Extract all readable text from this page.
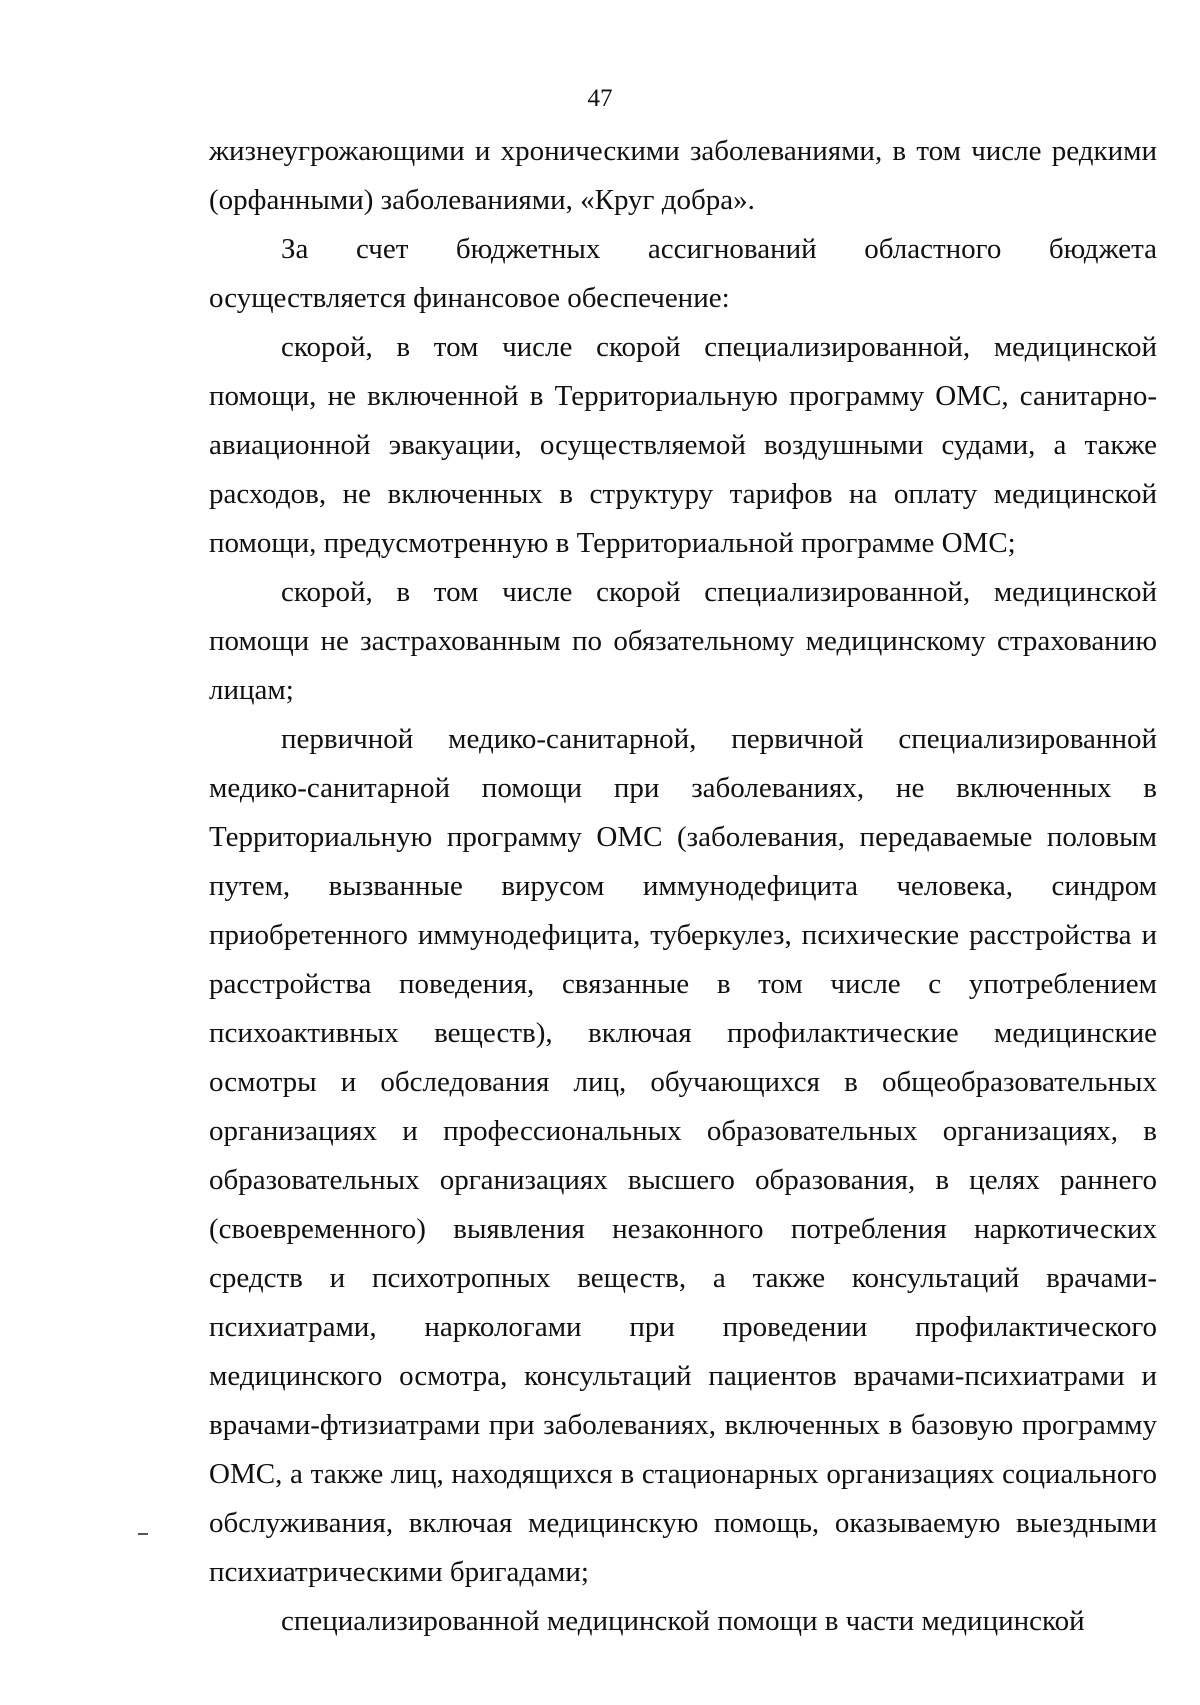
47

жизнеугрожающими и хроническими заболеваниями, в том числе редкими (орфанными) заболеваниями, «Круг добра».

За счет бюджетных ассигнований областного бюджета осуществляется финансовое обеспечение:

скорой, в том числе скорой специализированной, медицинской помощи, не включенной в Территориальную программу ОМС, санитарно-авиационной эвакуации, осуществляемой воздушными судами, а также расходов, не включенных в структуру тарифов на оплату медицинской помощи, предусмотренную в Территориальной программе ОМС;

скорой, в том числе скорой специализированной, медицинской помощи не застрахованным по обязательному медицинскому страхованию лицам;

первичной медико-санитарной, первичной специализированной медико-санитарной помощи при заболеваниях, не включенных в Территориальную программу ОМС (заболевания, передаваемые половым путем, вызванные вирусом иммунодефицита человека, синдром приобретенного иммунодефицита, туберкулез, психические расстройства и расстройства поведения, связанные в том числе с употреблением психоактивных веществ), включая профилактические медицинские осмотры и обследования лиц, обучающихся в общеобразовательных организациях и профессиональных образовательных организациях, в образовательных организациях высшего образования, в целях раннего (своевременного) выявления незаконного потребления наркотических средств и психотропных веществ, а также консультаций врачами-психиатрами, наркологами при проведении профилактического медицинского осмотра, консультаций пациентов врачами-психиатрами и врачами-фтизиатрами при заболеваниях, включенных в базовую программу ОМС, а также лиц, находящихся в стационарных организациях социального обслуживания, включая медицинскую помощь, оказываемую выездными психиатрическими бригадами;

специализированной медицинской помощи в части медицинской
